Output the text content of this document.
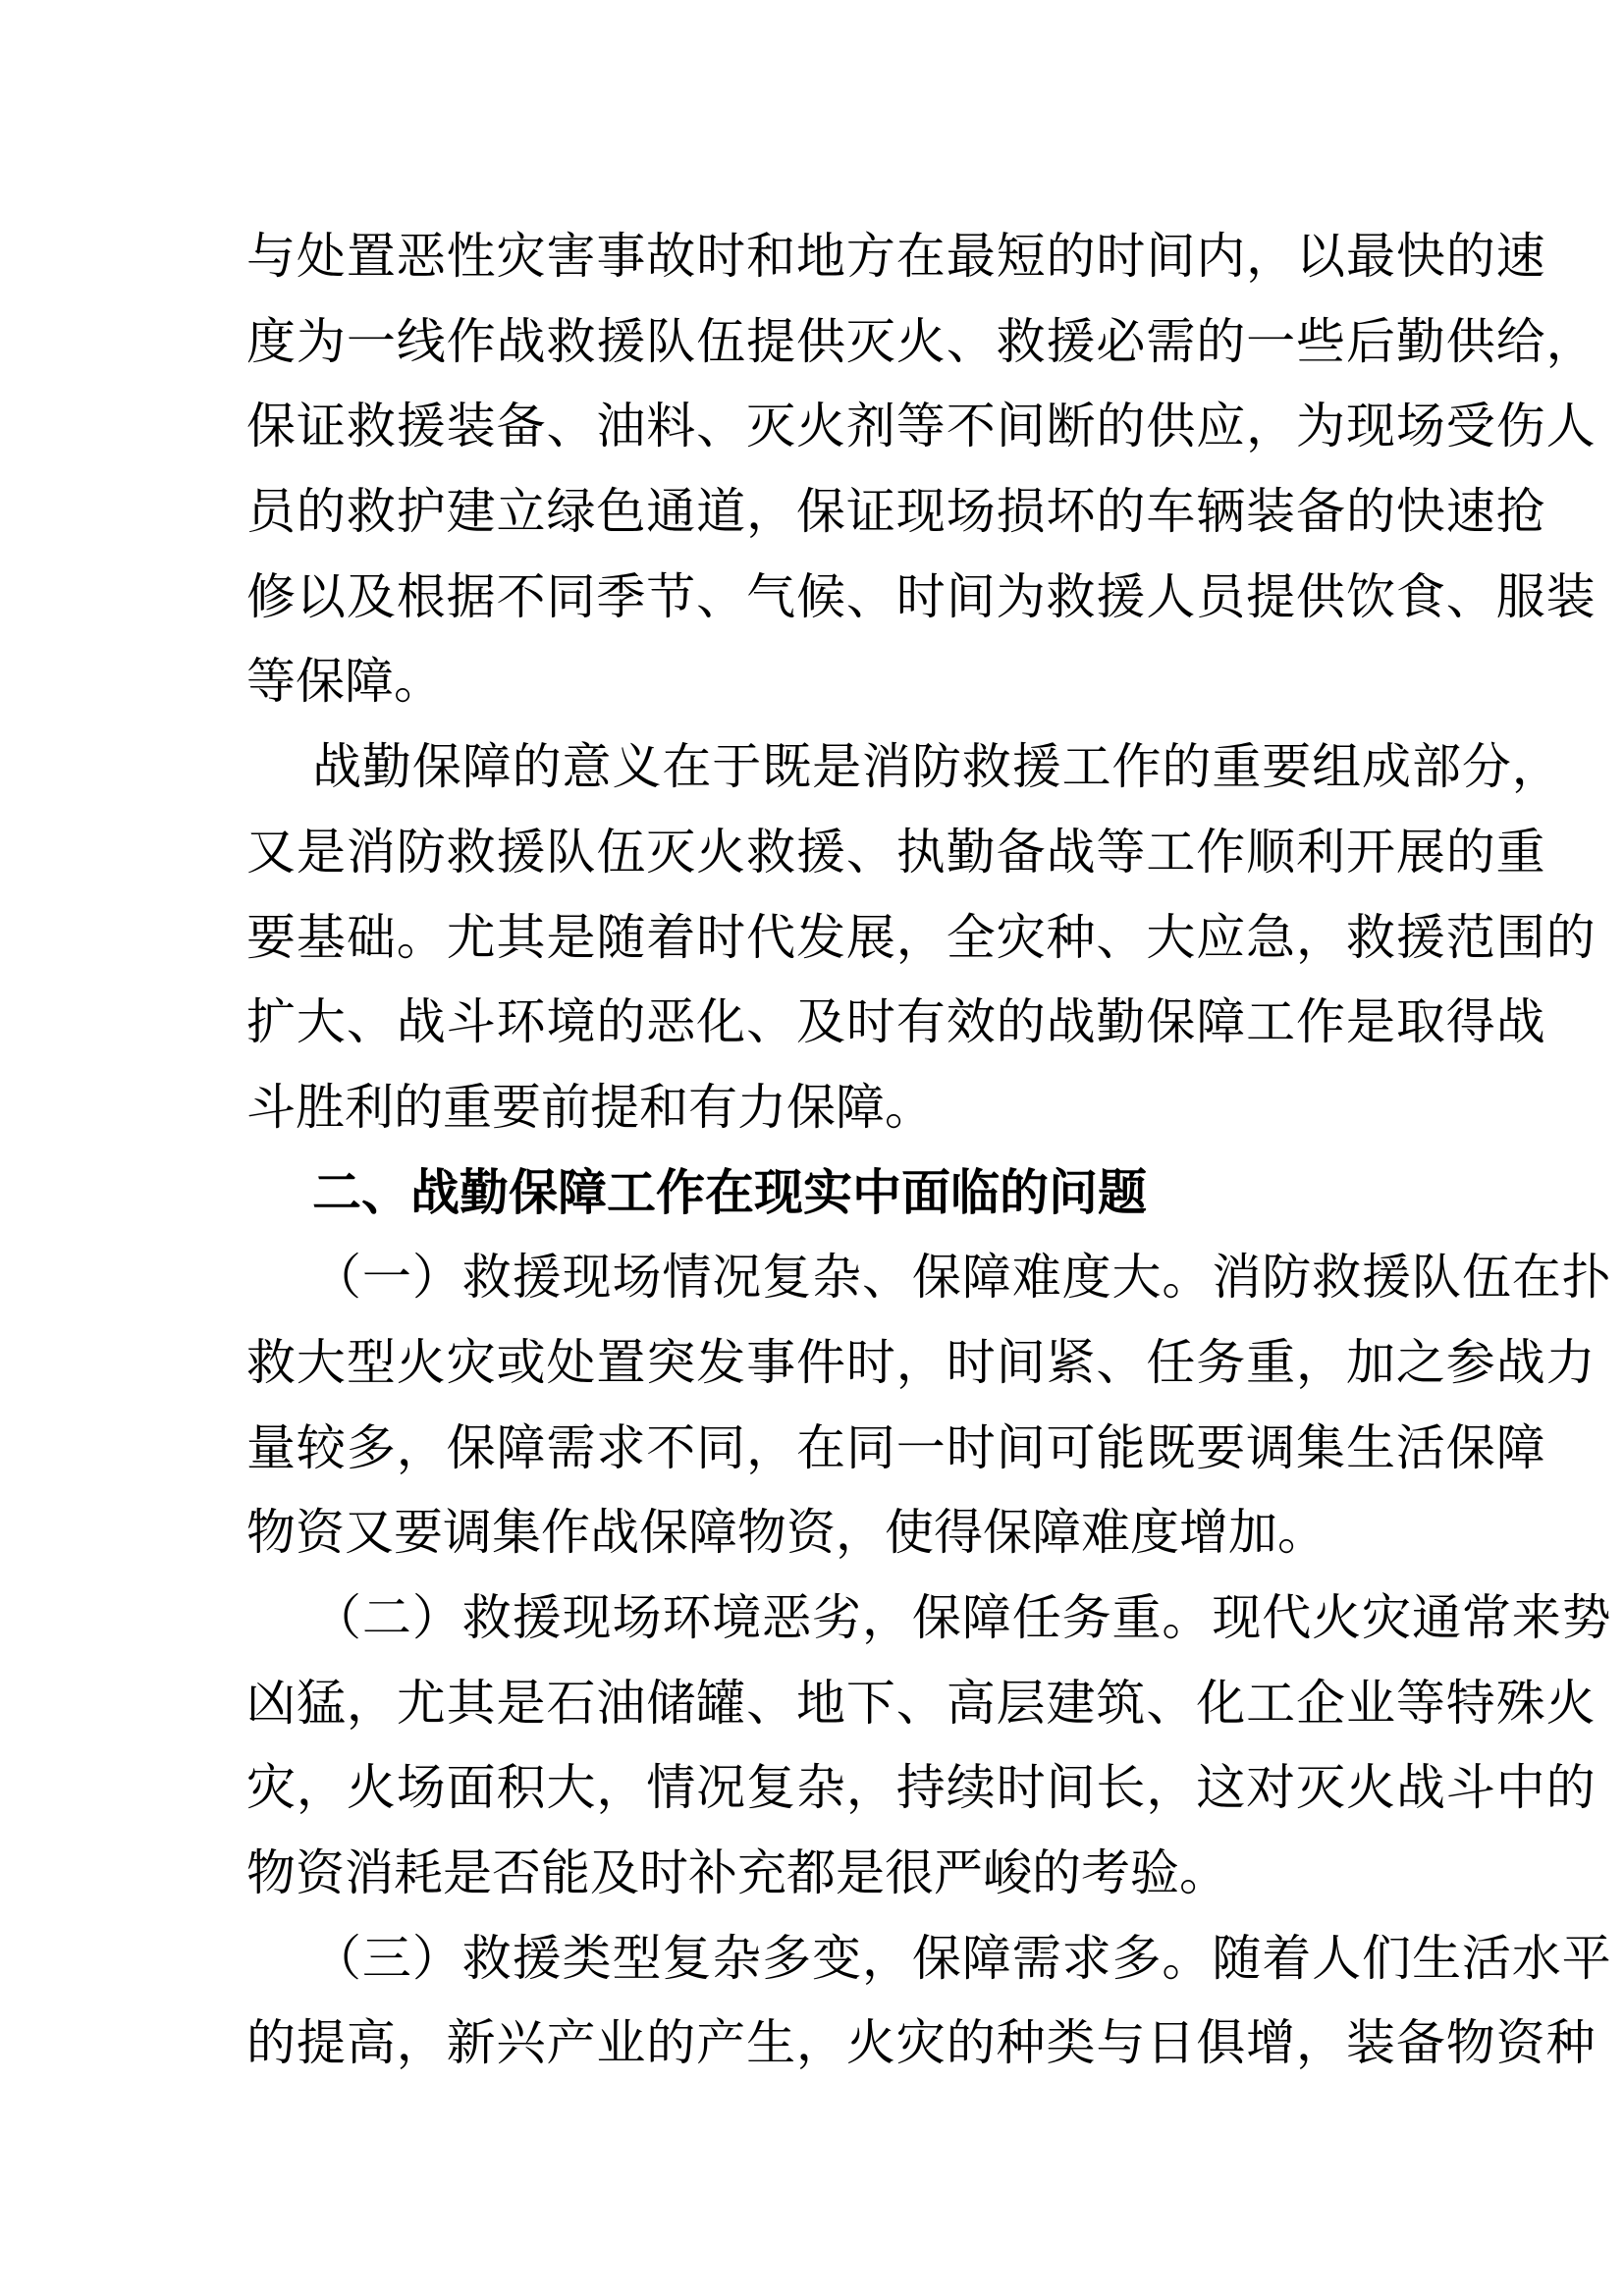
与 处 置 恶 性 灾 害 事 故 时 和 地 方 在 最 短 的 时 间 内 ， 以 最 快 的 速
度 为 一 线 作 战 救 援 队 伍 提 供 灭 火 、 救 援 必 需 的 一 些 后 勤 供 给 ，
保 证 救 援 装 备 、 油 料 、 灭 火 剂 等 不 间 断 的 供 应 ， 为 现 场 受 伤 人
员 的 救 护 建 立 绿 色 通 道 ， 保 证 现 场 损 坏 的 车 辆 装 备 的 快 速 抢
修 以 及 根 据 不 同 季 节 、 气 候 、 时 间 为 救 援 人 员 提 供 饮 食 、 服 装
等保障。
战 勤 保 障 的 意 义 在 于 既 是 消 防 救 援 工 作 的 重 要 组 成 部 分 ，
又 是 消 防 救 援 队 伍 灭 火 救 援 、 执 勤 备 战 等 工 作 顺 利 开 展 的 重
要 基 础 。 尤 其 是 随 着 时 代 发 展 ， 全 灾 种 、 大 应 急 ， 救 援 范 围 的
扩 大 、 战 斗 环 境 的 恶 化 、 及 时 有 效 的 战 勤 保 障 工 作 是 取 得 战
斗胜利的重要前提和有力保障。
二、战勤保障工作在现实中面临的问题
（ 一 ） 救 援 现 场 情 况 复 杂 、 保 障 难 度 大 。 消 防 救 援 队 伍 在 扑
救 大 型 火 灾 或 处 置 突 发 事 件 时 ， 时 间 紧 、 任 务 重 ， 加 之 参 战 力
量 较 多 ， 保 障 需 求 不 同 ， 在 同 一 时 间 可 能 既 要 调 集 生 活 保 障
物资又要调集作战保障物资，使得保障难度增加。
（ 二 ） 救 援 现 场 环 境 恶 劣 ， 保 障 任 务 重 。 现 代 火 灾 通 常 来 势
凶 猛 ， 尤 其 是 石 油 储 罐 、 地 下 、 高 层 建 筑 、 化 工 企 业 等 特 殊 火
灾 ， 火 场 面 积 大 ， 情 况 复 杂 ， 持 续 时 间 长 ， 这 对 灭 火 战 斗 中 的
物资消耗是否能及时补充都是很严峻的考验。
（ 三 ） 救 援 类 型 复 杂 多 变 ， 保 障 需 求 多 。 随 着 人 们 生 活 水 平
的 提 高 ， 新 兴 产 业 的 产 生 ， 火 灾 的 种 类 与 日 俱 增 ， 装 备 物 资 种
